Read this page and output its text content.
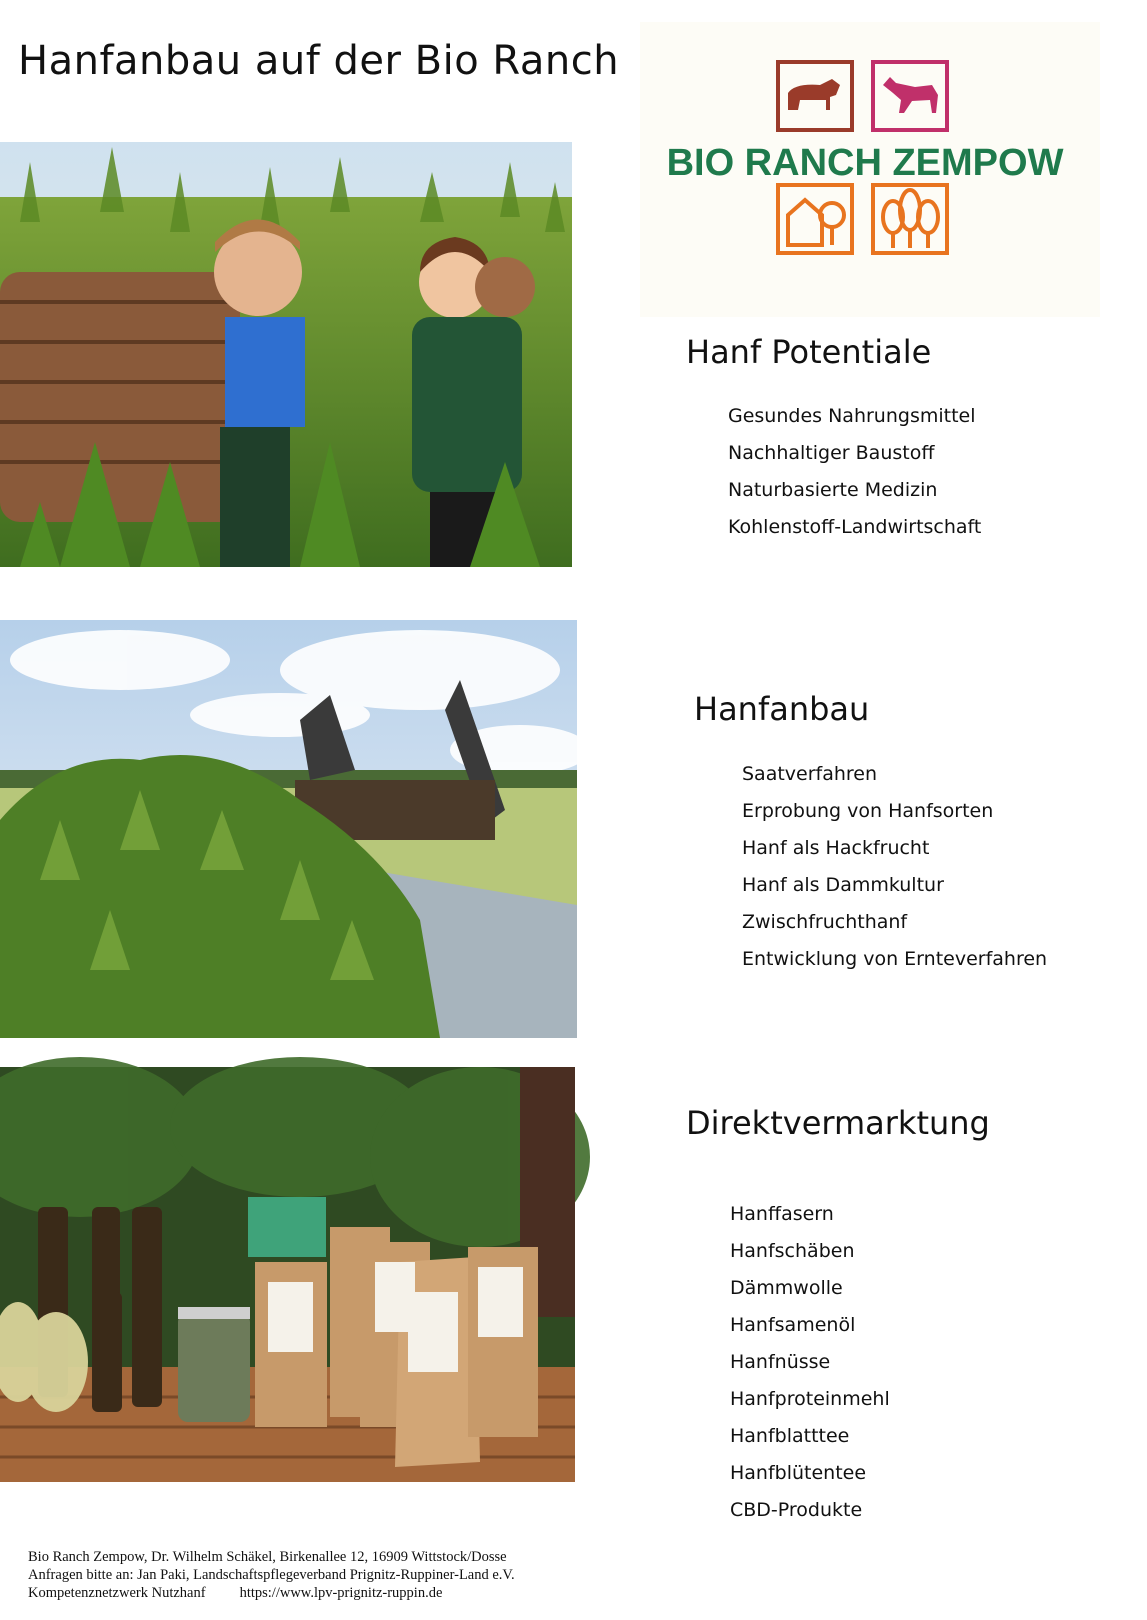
Hanfanbau auf der Bio Ranch
BIO RANCH ZEMPOW
Hanf Potentiale
Gesundes Nahrungsmittel
Nachhaltiger Baustoff
Naturbasierte Medizin
Kohlenstoff-Landwirtschaft
Hanfanbau
Saatverfahren
Erprobung von Hanfsorten
Hanf als Hackfrucht
Hanf als Dammkultur
Zwischfruchthanf
Entwicklung von Ernteverfahren
Direktvermarktung
Hanffasern
Hanfschäben
Dämmwolle
Hanfsamenöl
Hanfnüsse
Hanfproteinmehl
Hanfblatttee
Hanfblütentee
CBD-Produkte
Bio Ranch Zempow, Dr. Wilhelm Schäkel, Birkenallee 12, 16909 Wittstock/Dosse
Anfragen bitte an: Jan Paki, Landschaftspflegeverband Prignitz-Ruppiner-Land e.V.
Kompetenznetzwerk Nutzhanf https://www.lpv-prignitz-ruppin.de
